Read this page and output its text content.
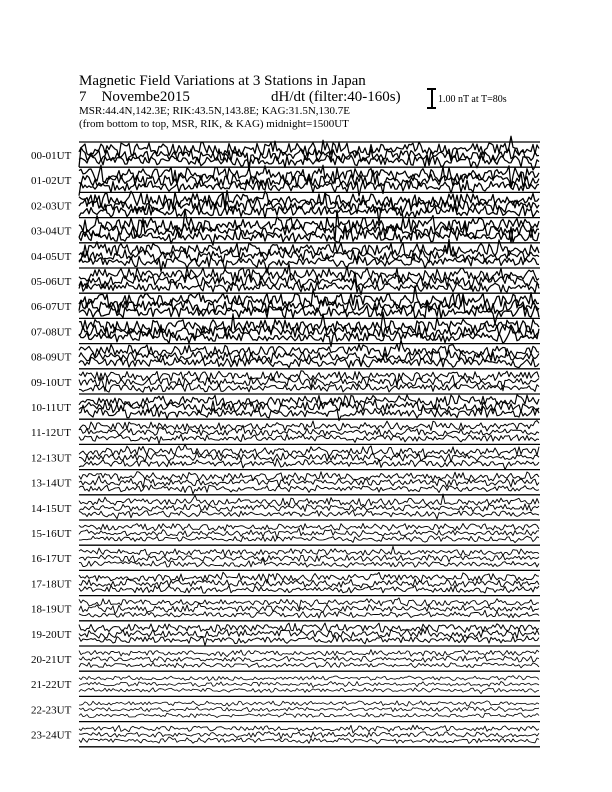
Magnetic Field Variations at 3 Stations in Japan
7 Novembe2015	dH/dt (filter:40-160s)
MSR:44.4N,142.3E; RIK:43.5N,143.8E; KAG:31.5N,130.7E
(from bottom to top, MSR, RIK, & KAG) midnight=1500UT
1.00 nT at T=80s
00-01UT
01-02UT
02-03UT
03-04UT
04-05UT
05-06UT
06-07UT
07-08UT
08-09UT
09-10UT
10-11UT
11-12UT
12-13UT
13-14UT
14-15UT
15-16UT
16-17UT
17-18UT
18-19UT
19-20UT
20-21UT
21-22UT
22-23UT
23-24UT
